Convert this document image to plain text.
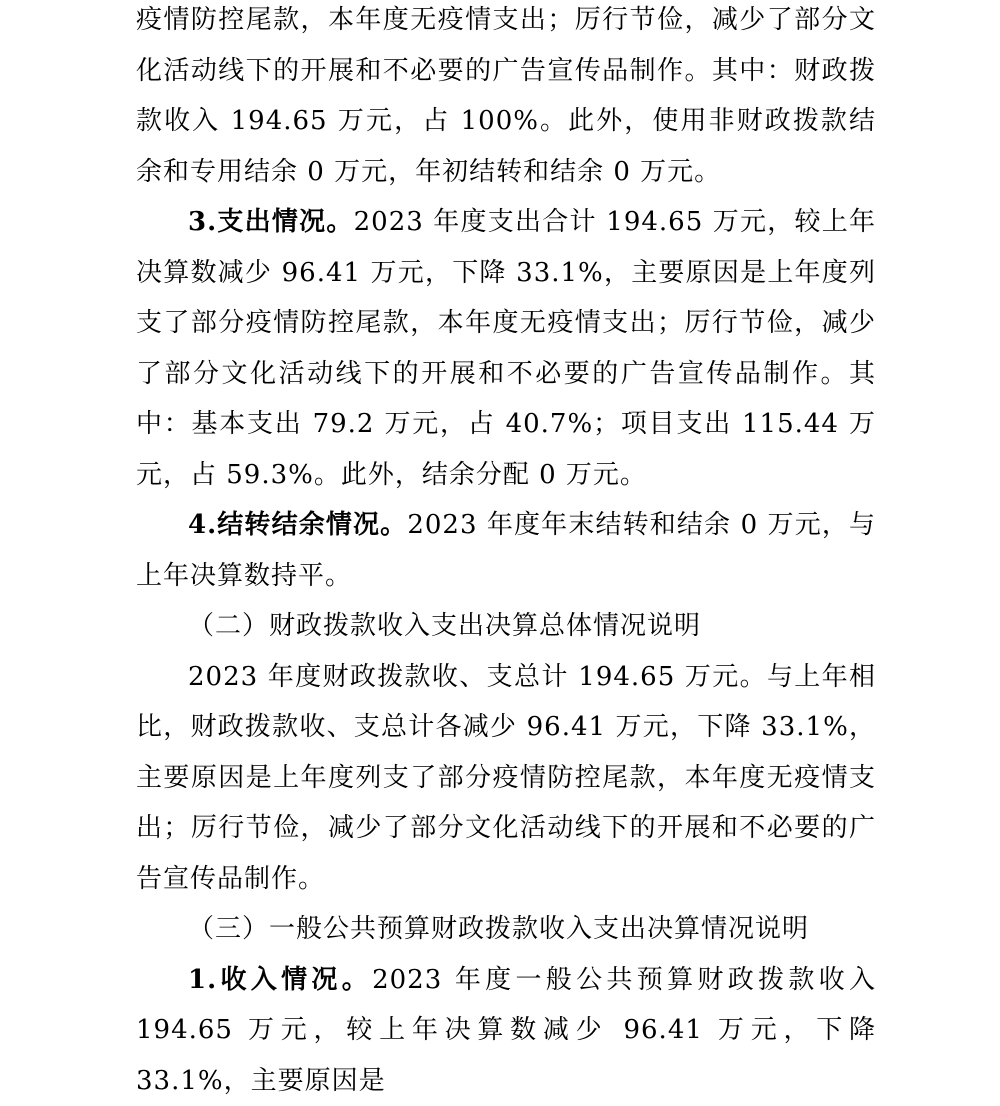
疫情防控尾款，本年度无疫情支出；厉行节俭，减少了部分文化活动线下的开展和不必要的广告宣传品制作。其中：财政拨款收入 194.65 万元，占 100%。此外，使用非财政拨款结余和专用结余 0 万元，年初结转和结余 0 万元。

3.支出情况。2023 年度支出合计 194.65 万元，较上年决算数减少 96.41 万元，下降 33.1%，主要原因是上年度列支了部分疫情防控尾款，本年度无疫情支出；厉行节俭，减少了部分文化活动线下的开展和不必要的广告宣传品制作。其中：基本支出 79.2 万元，占 40.7%；项目支出 115.44 万元，占 59.3%。此外，结余分配 0 万元。

4.结转结余情况。2023 年度年末结转和结余 0 万元，与上年决算数持平。

（二）财政拨款收入支出决算总体情况说明

2023 年度财政拨款收、支总计 194.65 万元。与上年相比，财政拨款收、支总计各减少 96.41 万元，下降 33.1%，主要原因是上年度列支了部分疫情防控尾款，本年度无疫情支出；厉行节俭，减少了部分文化活动线下的开展和不必要的广告宣传品制作。

（三）一般公共预算财政拨款收入支出决算情况说明

1.收入情况。2023 年度一般公共预算财政拨款收入 194.65 万元，较上年决算数减少 96.41 万元，下降 33.1%，主要原因是
